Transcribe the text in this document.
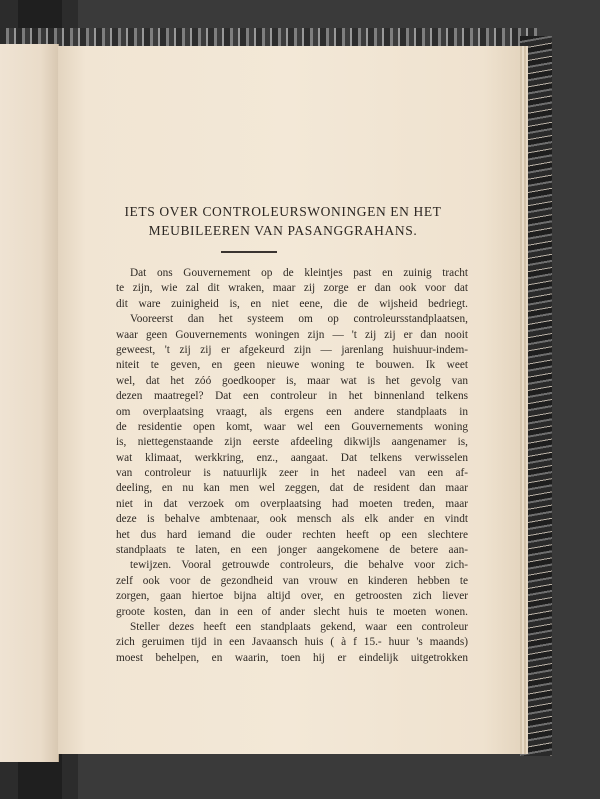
IETS OVER CONTROLEURSWONINGEN EN HET
MEUBILEEREN VAN PASANGGRAHANS.
Dat ons Gouvernement op de kleintjes past en zuinig tracht
te zijn, wie zal dit wraken, maar zij zorge er dan ook voor dat
dit ware zuinigheid is, en niet eene, die de wijsheid bedriegt.
Vooreerst dan het systeem om op controleursstandplaatsen,
waar geen Gouvernements woningen zijn — 't zij zij er dan nooit
geweest, 't zij zij er afgekeurd zijn — jarenlang huishuur-indem-
niteit te geven, en geen nieuwe woning te bouwen. Ik weet
wel, dat het zóó goedkooper is, maar wat is het gevolg van
dezen maatregel? Dat een controleur in het binnenland telkens
om overplaatsing vraagt, als ergens een andere standplaats in
de residentie open komt, waar wel een Gouvernements woning
is, niettegenstaande zijn eerste afdeeling dikwijls aangenamer is,
wat klimaat, werkkring, enz., aangaat. Dat telkens verwisselen
van controleur is natuurlijk zeer in het nadeel van een af-
deeling, en nu kan men wel zeggen, dat de resident dan maar
niet in dat verzoek om overplaatsing had moeten treden, maar
deze is behalve ambtenaar, ook mensch als elk ander en vindt
het dus hard iemand die ouder rechten heeft op een slechtere
standplaats te laten, en een jonger aangekomene de betere aan-
tewijzen. Vooral getrouwde controleurs, die behalve voor zich-
zelf ook voor de gezondheid van vrouw en kinderen hebben te
zorgen, gaan hiertoe bijna altijd over, en getroosten zich liever
groote kosten, dan in een of ander slecht huis te moeten wonen.
Steller dezes heeft een standplaats gekend, waar een controleur
zich geruimen tijd in een Javaansch huis ( à f 15.- huur 's maands)
moest behelpen, en waarin, toen hij er eindelijk uitgetrokken
